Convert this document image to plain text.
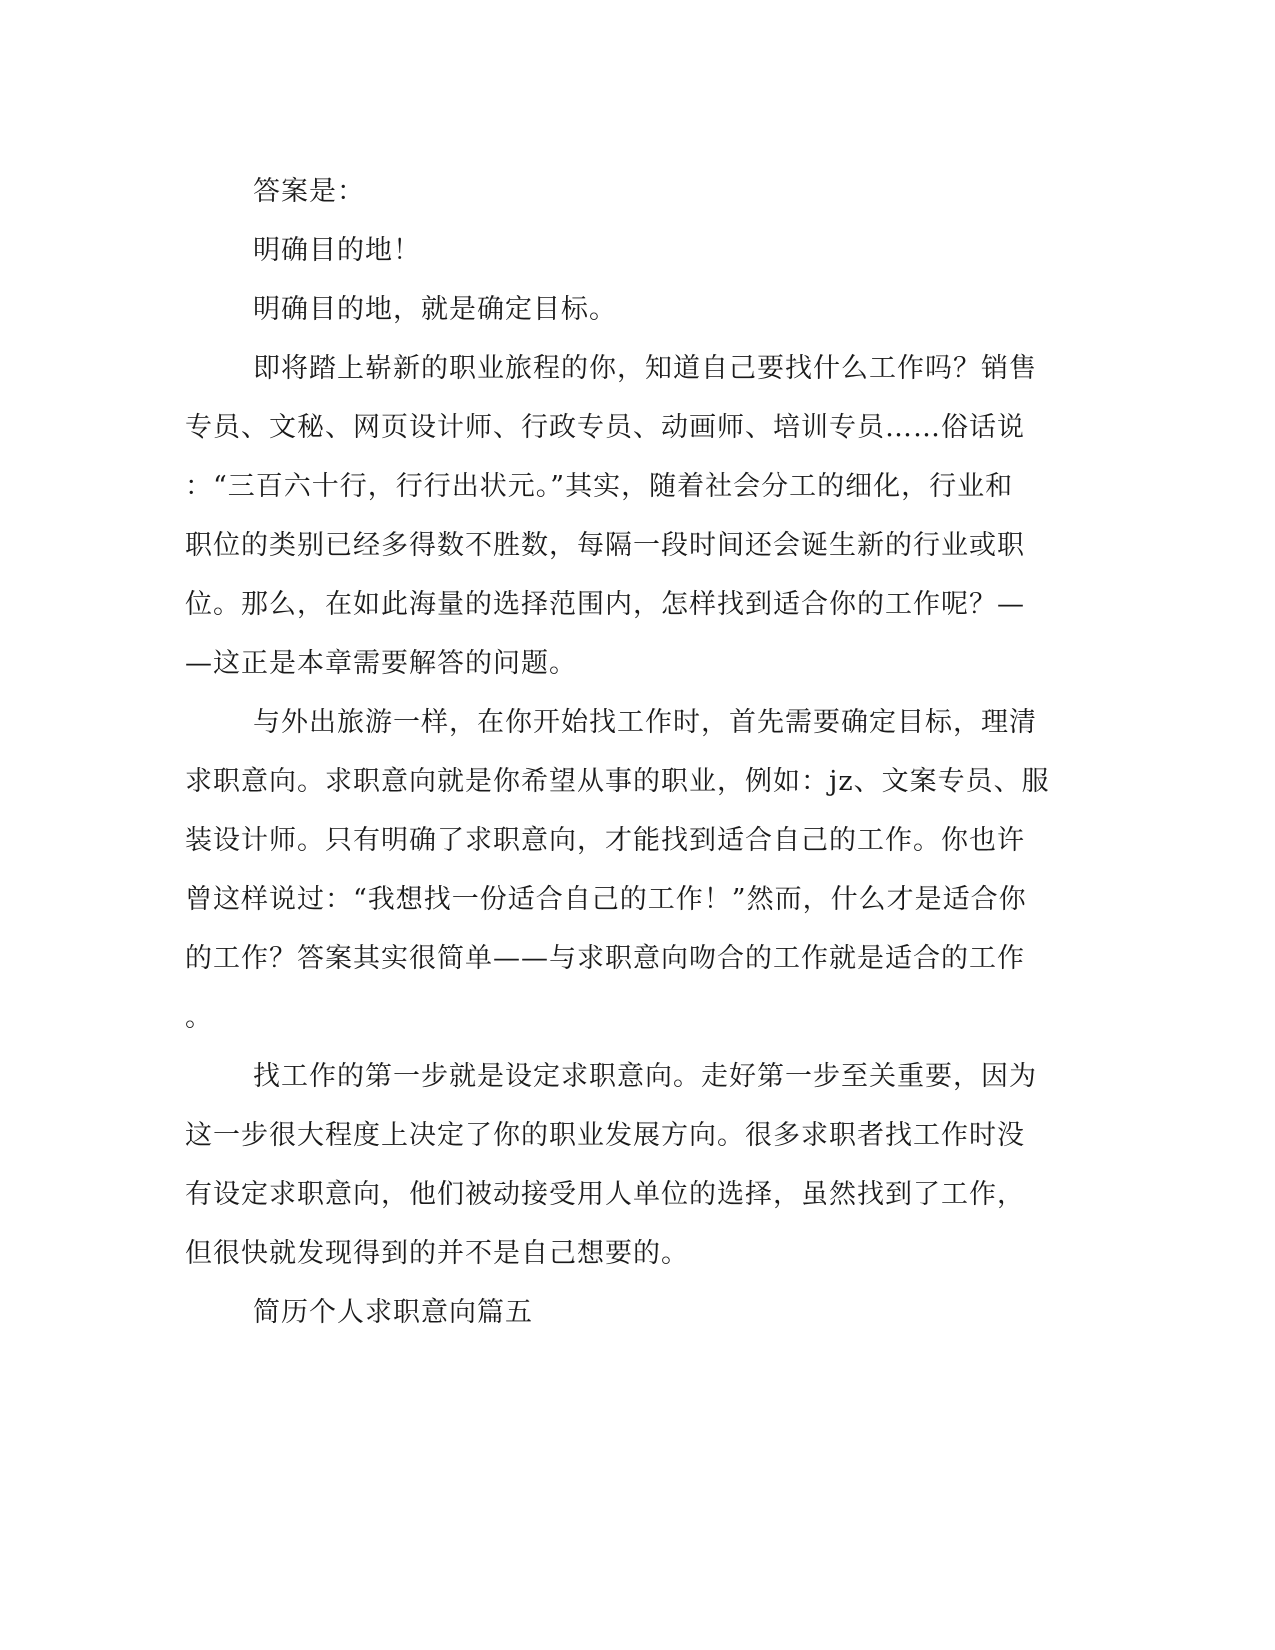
答案是：
明确目的地！
明确目的地，就是确定目标。
即将踏上崭新的职业旅程的你，知道自己要找什么工作吗？销售
专员、文秘、网页设计师、行政专员、动画师、培训专员……俗话说
：“三百六十行，行行出状元。”其实，随着社会分工的细化，行业和
职位的类别已经多得数不胜数，每隔一段时间还会诞生新的行业或职
位。那么，在如此海量的选择范围内，怎样找到适合你的工作呢？—
—这正是本章需要解答的问题。
与外出旅游一样，在你开始找工作时，首先需要确定目标，理清
求职意向。求职意向就是你希望从事的职业，例如：jz、文案专员、服
装设计师。只有明确了求职意向，才能找到适合自己的工作。你也许
曾这样说过：“我想找一份适合自己的工作！”然而，什么才是适合你
的工作？答案其实很简单——与求职意向吻合的工作就是适合的工作
。
找工作的第一步就是设定求职意向。走好第一步至关重要，因为
这一步很大程度上决定了你的职业发展方向。很多求职者找工作时没
有设定求职意向，他们被动接受用人单位的选择，虽然找到了工作，
但很快就发现得到的并不是自己想要的。
简历个人求职意向篇五
